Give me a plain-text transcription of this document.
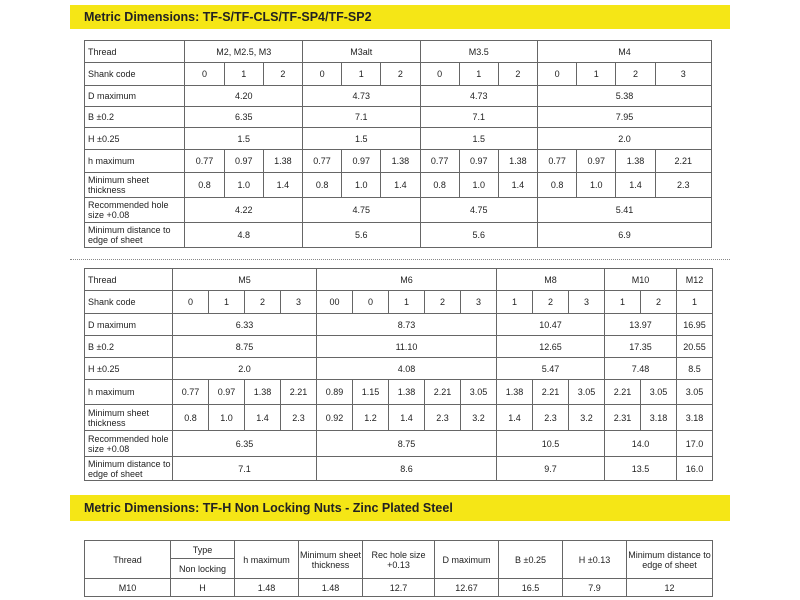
Metric Dimensions: TF-S/TF-CLS/TF-SP4/TF-SP2
Thread	M2, M2.5, M3			M3alt			M3.5			M4			
Shank code	0	1	2	0	1	2	0	1	2	0	1	2	3
D maximum	4.20			4.73			4.73			5.38			
B ±0.2	6.35			7.1			7.1			7.95			
H ±0.25	1.5			1.5			1.5			2.0			
h maximum	0.77	0.97	1.38	0.77	0.97	1.38	0.77	0.97	1.38	0.77	0.97	1.38	2.21
Minimum sheet thickness	0.8	1.0	1.4	0.8	1.0	1.4	0.8	1.0	1.4	0.8	1.0	1.4	2.3
Recommended hole size +0.08	4.22			4.75			4.75			5.41			
Minimum distance to edge of sheet	4.8			5.6			5.6			6.9			
Thread	M5				M6					M8			M10		M12
Shank code	0	1	2	3	00	0	1	2	3	1	2	3	1	2	1
D maximum	6.33				8.73					10.47			13.97		16.95
B ±0.2	8.75				11.10					12.65			17.35		20.55
H ±0.25	2.0				4.08					5.47			7.48		8.5
h maximum	0.77	0.97	1.38	2.21	0.89	1.15	1.38	2.21	3.05	1.38	2.21	3.05	2.21	3.05	3.05
Minimum sheet thickness	0.8	1.0	1.4	2.3	0.92	1.2	1.4	2.3	3.2	1.4	2.3	3.2	2.31	3.18	3.18
Recommended hole size +0.08	6.35				8.75					10.5			14.0		17.0
Minimum distance to edge of sheet	7.1				8.6					9.7			13.5		16.0
Metric Dimensions: TF-H Non Locking Nuts - Zinc Plated Steel
Thread	Type	h maximum	Minimum sheet thickness	Rec hole size +0.13	D maximum	B ±0.25	H ±0.13	Minimum distance to edge of sheet
	Non locking							
M10	H	1.48	1.48	12.7	12.67	16.5	7.9	12
